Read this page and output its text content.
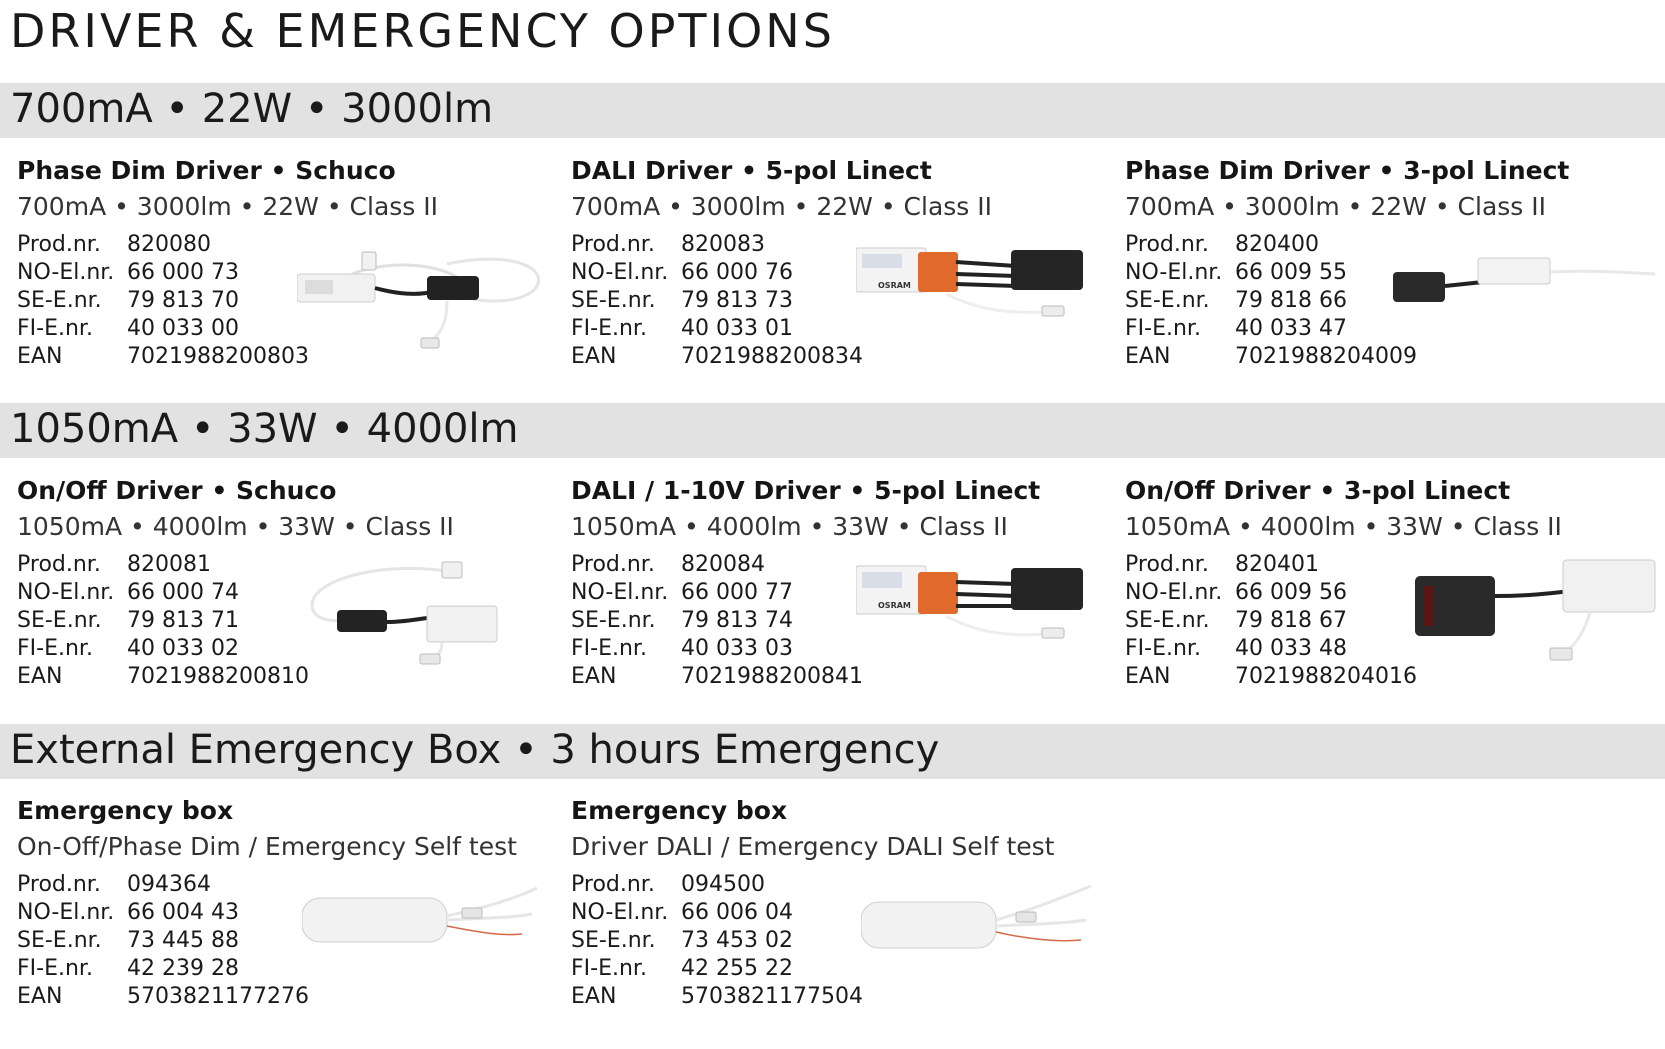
DRIVER & EMERGENCY OPTIONS
700mA • 22W • 3000lm
Phase Dim Driver • Schuco
700mA • 3000lm • 22W • Class II
Prod.nr.	820080
NO-El.nr. 66 000 73
SE-E.nr.	79 813 70
FI-E.nr.	40 033 00
EAN	7021988200803
DALI Driver • 5-pol Linect
700mA • 3000lm • 22W • Class II
Prod.nr.	820083
NO-El.nr. 66 000 76
SE-E.nr.	79 813 73
FI-E.nr.	40 033 01
EAN	7021988200834
OSRAM
Phase Dim Driver • 3-pol Linect
700mA • 3000lm • 22W • Class II
Prod.nr.	820400
NO-El.nr. 66 009 55
SE-E.nr.	79 818 66
FI-E.nr.	40 033 47
EAN	7021988204009
1050mA • 33W • 4000lm
On/Off Driver • Schuco
1050mA • 4000lm • 33W • Class II
Prod.nr.	820081
NO-El.nr. 66 000 74
SE-E.nr.	79 813 71
FI-E.nr.	40 033 02
EAN	7021988200810
DALI / 1-10V Driver • 5-pol Linect
1050mA • 4000lm • 33W • Class II
Prod.nr.	820084
NO-El.nr. 66 000 77
SE-E.nr.	79 813 74
FI-E.nr.	40 033 03
EAN	7021988200841
OSRAM
On/Off Driver • 3-pol Linect
1050mA • 4000lm • 33W • Class II
Prod.nr.	820401
NO-El.nr. 66 009 56
SE-E.nr.	79 818 67
FI-E.nr.	40 033 48
EAN	7021988204016
External Emergency Box • 3 hours Emergency
Emergency box
On-Off/Phase Dim / Emergency Self test
Prod.nr.	094364
NO-El.nr. 66 004 43
SE-E.nr.	73 445 88
FI-E.nr.	42 239 28
EAN	5703821177276
Emergency box
Driver DALI / Emergency DALI Self test
Prod.nr.	094500
NO-El.nr. 66 006 04
SE-E.nr.	73 453 02
FI-E.nr.	42 255 22
EAN	5703821177504
